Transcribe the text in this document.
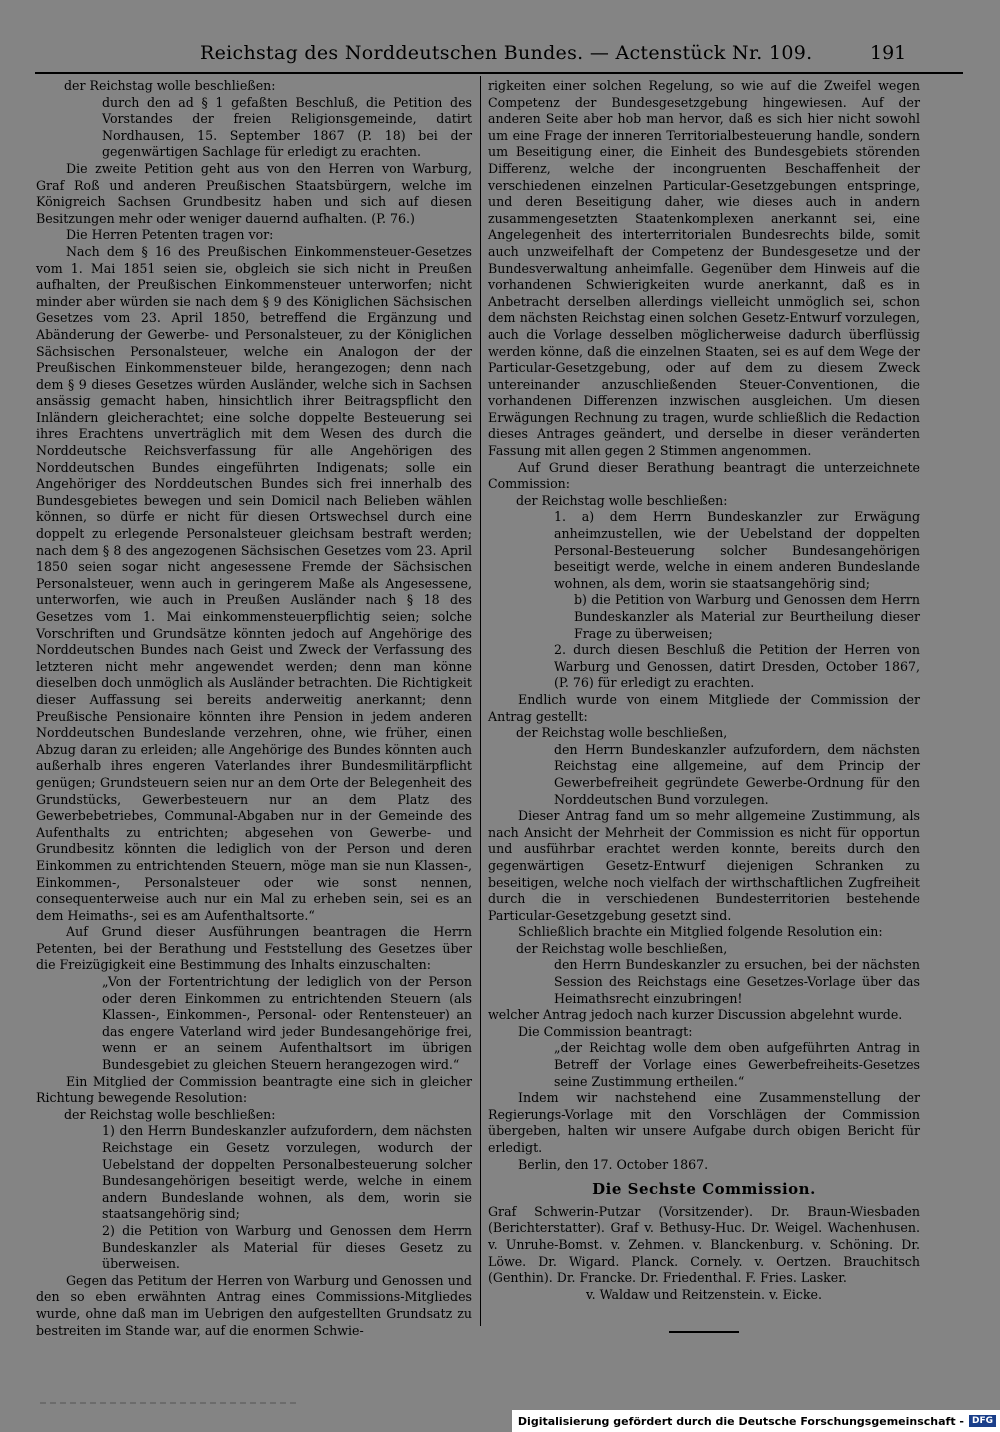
Reichstag des Norddeutschen Bundes. — Actenstück Nr. 109.	191

der Reichstag wolle beschließen:

durch den ad § 1 gefaßten Beschluß, die Petition des Vorstandes der freien Religionsgemeinde, datirt Nordhausen, 15. September 1867 (P. 18) bei der gegenwärtigen Sachlage für erledigt zu erachten.

Die zweite Petition geht aus von den Herren von Warburg, Graf Roß und anderen Preußischen Staatsbürgern, welche im Königreich Sachsen Grundbesitz haben und sich auf diesen Besitzungen mehr oder weniger dauernd aufhalten. (P. 76.)

Die Herren Petenten tragen vor:

Nach dem § 16 des Preußischen Einkommensteuer-Gesetzes vom 1. Mai 1851 seien sie, obgleich sie sich nicht in Preußen aufhalten, der Preußischen Einkommensteuer unterworfen; nicht minder aber würden sie nach dem § 9 des Königlichen Sächsischen Gesetzes vom 23. April 1850, betreffend die Ergänzung und Abänderung der Gewerbe- und Personalsteuer, zu der Königlichen Sächsischen Personalsteuer, welche ein Analogon der der Preußischen Einkommensteuer bilde, herangezogen; denn nach dem § 9 dieses Gesetzes würden Ausländer, welche sich in Sachsen ansässig gemacht haben, hinsichtlich ihrer Beitragspflicht den Inländern gleicherachtet; eine solche doppelte Besteuerung sei ihres Erachtens unverträglich mit dem Wesen des durch die Norddeutsche Reichsverfassung für alle Angehörigen des Norddeutschen Bundes eingeführten Indigenats; solle ein Angehöriger des Norddeutschen Bundes sich frei innerhalb des Bundesgebietes bewegen und sein Domicil nach Belieben wählen können, so dürfe er nicht für diesen Ortswechsel durch eine doppelt zu erlegende Personalsteuer gleichsam bestraft werden; nach dem § 8 des angezogenen Sächsischen Gesetzes vom 23. April 1850 seien sogar nicht angesessene Fremde der Sächsischen Personalsteuer, wenn auch in geringerem Maße als Angesessene, unterworfen, wie auch in Preußen Ausländer nach § 18 des Gesetzes vom 1. Mai einkommensteuerpflichtig seien; solche Vorschriften und Grundsätze könnten jedoch auf Angehörige des Norddeutschen Bundes nach Geist und Zweck der Verfassung des letzteren nicht mehr angewendet werden; denn man könne dieselben doch unmöglich als Ausländer betrachten. Die Richtigkeit dieser Auffassung sei bereits anderweitig anerkannt; denn Preußische Pensionaire könnten ihre Pension in jedem anderen Norddeutschen Bundeslande verzehren, ohne, wie früher, einen Abzug daran zu erleiden; alle Angehörige des Bundes könnten auch außerhalb ihres engeren Vaterlandes ihrer Bundesmilitärpflicht genügen; Grundsteuern seien nur an dem Orte der Belegenheit des Grundstücks, Gewerbesteuern nur an dem Platz des Gewerbebetriebes, Communal-Abgaben nur in der Gemeinde des Aufenthalts zu entrichten; abgesehen von Gewerbe- und Grundbesitz könnten die lediglich von der Person und deren Einkommen zu entrichtenden Steuern, möge man sie nun Klassen-, Einkommen-, Personalsteuer oder wie sonst nennen, consequenterweise auch nur ein Mal zu erheben sein, sei es an dem Heimaths-, sei es am Aufenthaltsorte.“

Auf Grund dieser Ausführungen beantragen die Herrn Petenten, bei der Berathung und Feststellung des Gesetzes über die Freizügigkeit eine Bestimmung des Inhalts einzuschalten:

„Von der Fortentrichtung der lediglich von der Person oder deren Einkommen zu entrichtenden Steuern (als Klassen-, Einkommen-, Personal- oder Rentensteuer) an das engere Vaterland wird jeder Bundesangehörige frei, wenn er an seinem Aufenthaltsort im übrigen Bundesgebiet zu gleichen Steuern herangezogen wird.“

Ein Mitglied der Commission beantragte eine sich in gleicher Richtung bewegende Resolution:

der Reichstag wolle beschließen:

1) den Herrn Bundeskanzler aufzufordern, dem nächsten Reichstage ein Gesetz vorzulegen, wodurch der Uebelstand der doppelten Personalbesteuerung solcher Bundesangehörigen beseitigt werde, welche in einem andern Bundeslande wohnen, als dem, worin sie staatsangehörig sind;

2) die Petition von Warburg und Genossen dem Herrn Bundeskanzler als Material für dieses Gesetz zu überweisen.

Gegen das Petitum der Herren von Warburg und Genossen und den so eben erwähnten Antrag eines Commissions-Mitgliedes wurde, ohne daß man im Uebrigen den aufgestellten Grundsatz zu bestreiten im Stande war, auf die enormen Schwie-

rigkeiten einer solchen Regelung, so wie auf die Zweifel wegen Competenz der Bundesgesetzgebung hingewiesen. Auf der anderen Seite aber hob man hervor, daß es sich hier nicht sowohl um eine Frage der inneren Territorialbesteuerung handle, sondern um Beseitigung einer, die Einheit des Bundesgebiets störenden Differenz, welche der incongruenten Beschaffenheit der verschiedenen einzelnen Particular-Gesetzgebungen entspringe, und deren Beseitigung daher, wie dieses auch in andern zusammengesetzten Staatenkomplexen anerkannt sei, eine Angelegenheit des interterritorialen Bundesrechts bilde, somit auch unzweifelhaft der Competenz der Bundesgesetze und der Bundesverwaltung anheimfalle. Gegenüber dem Hinweis auf die vorhandenen Schwierigkeiten wurde anerkannt, daß es in Anbetracht derselben allerdings vielleicht unmöglich sei, schon dem nächsten Reichstag einen solchen Gesetz-Entwurf vorzulegen, auch die Vorlage desselben möglicherweise dadurch überflüssig werden könne, daß die einzelnen Staaten, sei es auf dem Wege der Particular-Gesetzgebung, oder auf dem zu diesem Zweck untereinander anzuschließenden Steuer-Conventionen, die vorhandenen Differenzen inzwischen ausgleichen. Um diesen Erwägungen Rechnung zu tragen, wurde schließlich die Redaction dieses Antrages geändert, und derselbe in dieser veränderten Fassung mit allen gegen 2 Stimmen angenommen.

Auf Grund dieser Berathung beantragt die unterzeichnete Commission:

der Reichstag wolle beschließen:

1. a) dem Herrn Bundeskanzler zur Erwägung anheimzustellen, wie der Uebelstand der doppelten Personal-Besteuerung solcher Bundesangehörigen beseitigt werde, welche in einem anderen Bundeslande wohnen, als dem, worin sie staatsangehörig sind;

b) die Petition von Warburg und Genossen dem Herrn Bundeskanzler als Material zur Beurtheilung dieser Frage zu überweisen;

2. durch diesen Beschluß die Petition der Herren von Warburg und Genossen, datirt Dresden, October 1867, (P. 76) für erledigt zu erachten.

Endlich wurde von einem Mitgliede der Commission der Antrag gestellt:

der Reichstag wolle beschließen,

den Herrn Bundeskanzler aufzufordern, dem nächsten Reichstag eine allgemeine, auf dem Princip der Gewerbefreiheit gegründete Gewerbe-Ordnung für den Norddeutschen Bund vorzulegen.

Dieser Antrag fand um so mehr allgemeine Zustimmung, als nach Ansicht der Mehrheit der Commission es nicht für opportun und ausführbar erachtet werden konnte, bereits durch den gegenwärtigen Gesetz-Entwurf diejenigen Schranken zu beseitigen, welche noch vielfach der wirthschaftlichen Zugfreiheit durch die in verschiedenen Bundesterritorien bestehende Particular-Gesetzgebung gesetzt sind.

Schließlich brachte ein Mitglied folgende Resolution ein:

der Reichstag wolle beschließen,

den Herrn Bundeskanzler zu ersuchen, bei der nächsten Session des Reichstags eine Gesetzes-Vorlage über das Heimathsrecht einzubringen!

welcher Antrag jedoch nach kurzer Discussion abgelehnt wurde.

Die Commission beantragt:

„der Reichtag wolle dem oben aufgeführten Antrag in Betreff der Vorlage eines Gewerbefreiheits-Gesetzes seine Zustimmung ertheilen.“

Indem wir nachstehend eine Zusammenstellung der Regierungs-Vorlage mit den Vorschlägen der Commission übergeben, halten wir unsere Aufgabe durch obigen Bericht für erledigt.

Berlin, den 17. October 1867.

Die Sechste Commission.

Graf Schwerin-Putzar (Vorsitzender). Dr. Braun-Wiesbaden (Berichterstatter). Graf v. Bethusy-Huc. Dr. Weigel. Wachenhusen. v. Unruhe-Bomst. v. Zehmen. v. Blanckenburg. v. Schöning. Dr. Löwe. Dr. Wigard. Planck. Cornely. v. Oertzen. Brauchitsch (Genthin). Dr. Francke. Dr. Friedenthal. F. Fries. Lasker.

v. Waldaw und Reitzenstein. v. Eicke.

Digitalisierung gefördert durch die Deutsche Forschungsgemeinschaft - DFG
